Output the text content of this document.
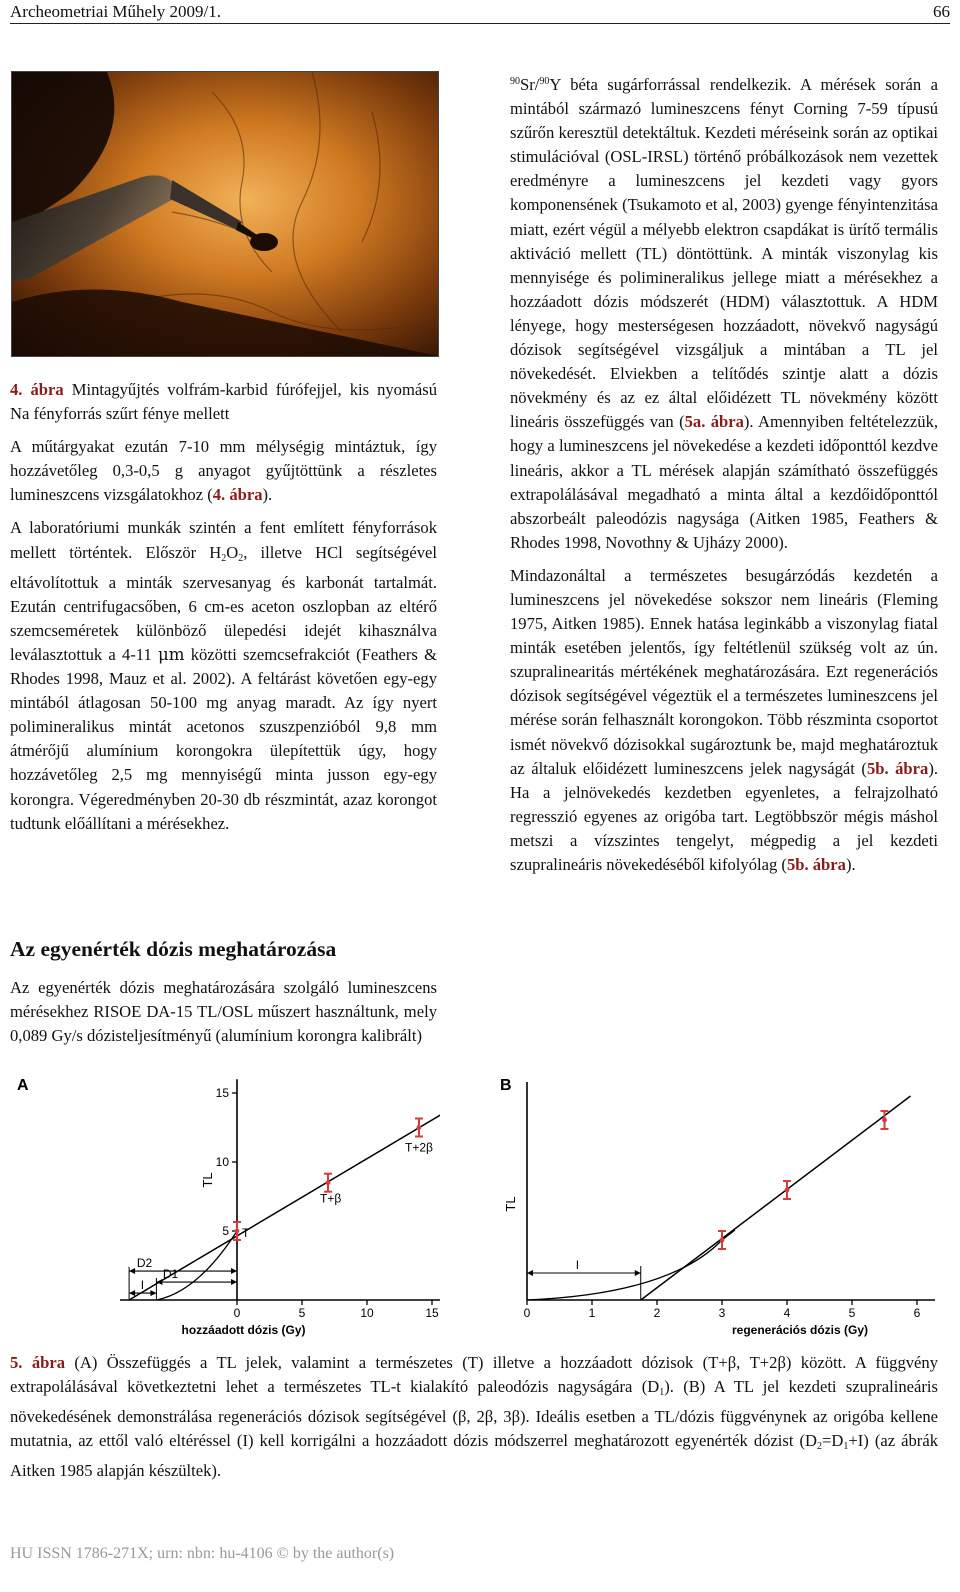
Archeometriai Műhely 2009/1.	66

4. ábra Mintagyűjtés volfrám-karbid fúrófejjel, kis nyomású Na fényforrás szűrt fénye mellett

A műtárgyakat ezután 7-10 mm mélységig mintáztuk, így hozzávetőleg 0,3-0,5 g anyagot gyűjtöttünk a részletes lumineszcens vizsgálatokhoz (4. ábra).

A laboratóriumi munkák szintén a fent említett fényforrások mellett történtek. Először $H_2O_2$, illetve HCl segítségével eltávolítottuk a minták szervesanyag és karbonát tartalmát. Ezután centrifugacsőben, 6 cm-es aceton oszlopban az eltérő szemcseméretek különböző ülepedési idejét kihasználva leválasztottuk a 4-11 μm közötti szemcsefrakciót (Feathers & Rhodes 1998, Mauz et al. 2002). A feltárást követően egy-egy mintából átlagosan 50-100 mg anyag maradt. Az így nyert polimineralikus mintát acetonos szuszpenzióból 9,8 mm átmérőjű alumínium korongokra ülepítettük úgy, hogy hozzávetőleg 2,5 mg mennyiségű minta jusson egy-egy korongra. Végeredményben 20-30 db részmintát, azaz korongot tudtunk előállítani a mérésekhez.

Az egyenérték dózis meghatározása

Az egyenérték dózis meghatározására szolgáló lumineszcens mérésekhez RISOE DA-15 TL/OSL műszert használtunk, mely 0,089 Gy/s dózisteljesítményű (alumínium korongra kalibrált)

$^{90}$Sr/$^{90}$Y béta sugárforrással rendelkezik. A mérések során a mintából származó lumineszcens fényt Corning 7-59 típusú szűrőn keresztül detektáltuk. Kezdeti méréseink során az optikai stimulációval (OSL-IRSL) történő próbálkozások nem vezettek eredményre a lumineszcens jel kezdeti vagy gyors komponensének (Tsukamoto et al, 2003) gyenge fényintenzitása miatt, ezért végül a mélyebb elektron csapdákat is ürítő termális aktiváció mellett (TL) döntöttünk. A minták viszonylag kis mennyisége és polimineralikus jellege miatt a mérésekhez a hozzáadott dózis módszerét (HDM) választottuk. A HDM lényege, hogy mesterségesen hozzáadott, növekvő nagyságú dózisok segítségével vizsgáljuk a mintában a TL jel növekedését. Elviekben a telítődés szintje alatt a dózis növekmény és az ez által előidézett TL növekmény között lineáris összefüggés van (5a. ábra). Amennyiben feltételezzük, hogy a lumineszcens jel növekedése a kezdeti időponttól kezdve lineáris, akkor a TL mérések alapján számítható összefüggés extrapolálásával megadható a minta által a kezdőidőponttól abszorbeált paleodózis nagysága (Aitken 1985, Feathers & Rhodes 1998, Novothny & Ujházy 2000).

Mindazonáltal a természetes besugárzódás kezdetén a lumineszcens jel növekedése sokszor nem lineáris (Fleming 1975, Aitken 1985). Ennek hatása leginkább a viszonylag fiatal minták esetében jelentős, így feltétlenül szükség volt az ún. szupralinearitás mértékének meghatározására. Ezt regenerációs dózisok segítségével végeztük el a természetes lumineszcens jel mérése során felhasznált korongokon. Több részminta csoportot ismét növekvő dózisokkal sugároztunk be, majd meghatároztuk az általuk előidézett lumineszcens jelek nagyságát (5b. ábra). Ha a jelnövekedés kezdetben egyenletes, a felrajzolható regresszió egyenes az origóba tart. Legtöbbször mégis máshol metszi a vízszintes tengelyt, mégpedig a jel kezdeti szupralineáris növekedéséből kifolyólag (5b. ábra).

A
0	5	10	15
5
10
15
TL
hozzáadott dózis (Gy)
T
T+β
T+2β
D2
D1
I
B
0	1	2	3	4	5	6
TL
regenerációs dózis (Gy)
I
5. ábra (A) Összefüggés a TL jelek, valamint a természetes (T) illetve a hozzáadott dózisok (T+β, T+2β) között. A függvény extrapolálásával következtetni lehet a természetes TL-t kialakító paleodózis nagyságára $(D_1)$. (B) A TL jel kezdeti szupralineáris növekedésének demonstrálása regenerációs dózisok segítségével (β, 2β, 3β). Ideális esetben a TL/dózis függvénynek az origóba kellene mutatnia, az ettől való eltéréssel (I) kell korrigálni a hozzáadott dózis módszerrel meghatározott egyenérték dózist $(D_2=D_1+I)$ (az ábrák Aitken 1985 alapján készültek).
HU ISSN 1786-271X; urn: nbn: hu-4106 © by the author(s)
